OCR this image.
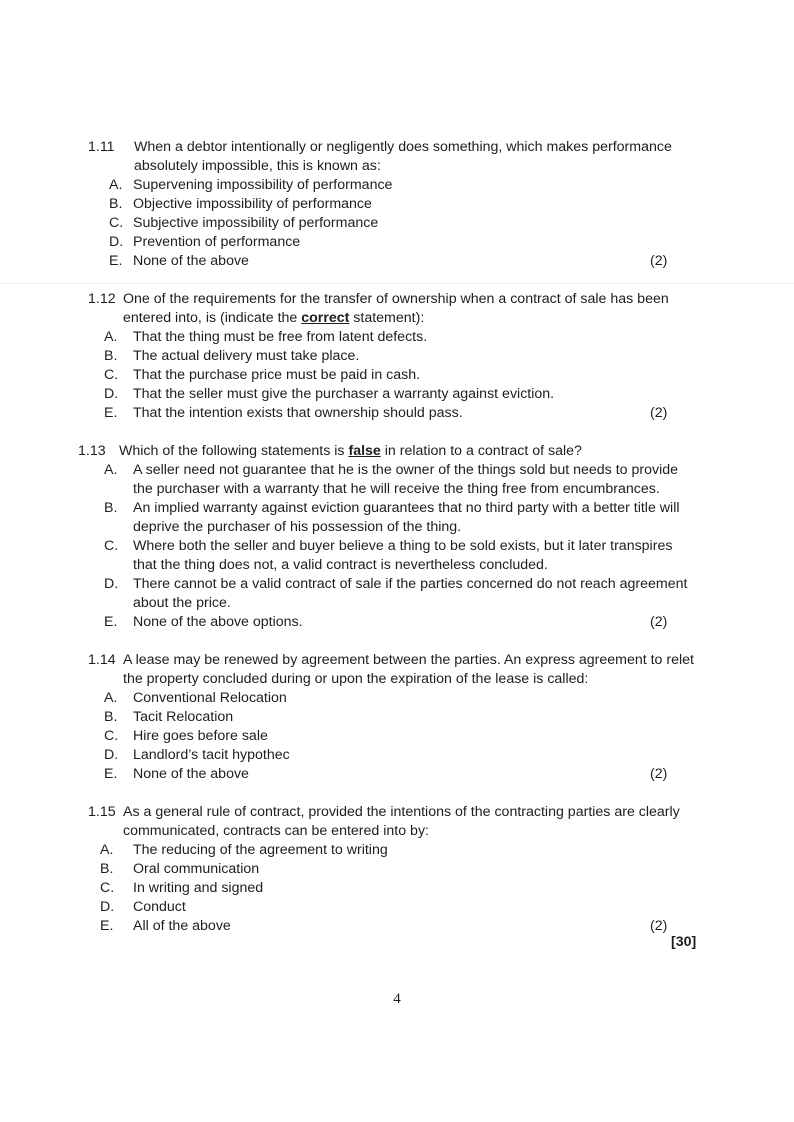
1.11	When a debtor intentionally or negligently does something, which makes performance absolutely impossible, this is known as:
A. Supervening impossibility of performance
B. Objective impossibility of performance
C. Subjective impossibility of performance
D. Prevention of performance
E. None of the above	(2)
1.12 One of the requirements for the transfer of ownership when a contract of sale has been entered into, is (indicate the correct statement):
A.	That the thing must be free from latent defects.
B.	The actual delivery must take place.
C.	That the purchase price must be paid in cash.
D.	That the seller must give the purchaser a warranty against eviction.
E.	That the intention exists that ownership should pass.	(2)
1.13 Which of the following statements is false in relation to a contract of sale?
A.	A seller need not guarantee that he is the owner of the things sold but needs to provide the purchaser with a warranty that he will receive the thing free from encumbrances.
B.	An implied warranty against eviction guarantees that no third party with a better title will deprive the purchaser of his possession of the thing.
C.	Where both the seller and buyer believe a thing to be sold exists, but it later transpires that the thing does not, a valid contract is nevertheless concluded.
D.	There cannot be a valid contract of sale if the parties concerned do not reach agreement about the price.
E.	None of the above options.	(2)
1.14 A lease may be renewed by agreement between the parties. An express agreement to relet the property concluded during or upon the expiration of the lease is called:
A.	Conventional Relocation
B.	Tacit Relocation
C.	Hire goes before sale
D.	Landlord’s tacit hypothec
E.	None of the above	(2)
1.15 As a general rule of contract, provided the intentions of the contracting parties are clearly communicated, contracts can be entered into by:
A.	The reducing of the agreement to writing
B.	Oral communication
C.	In writing and signed
D.	Conduct
E.	All of the above	(2)
[30]
4
